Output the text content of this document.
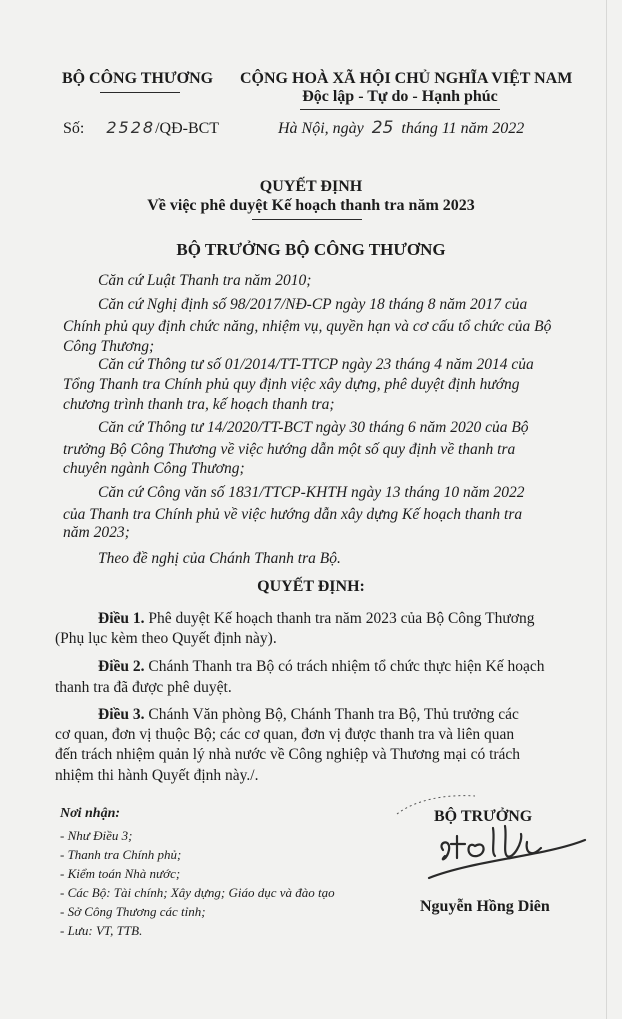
BỘ CÔNG THƯƠNG	CỘNG HOÀ XÃ HỘI CHỦ NGHĨA VIỆT NAM
Độc lập - Tự do - Hạnh phúc
Số: 2528/QĐ-BCT	Hà Nội, ngày 25 tháng 11 năm 2022
QUYẾT ĐỊNH
Về việc phê duyệt Kế hoạch thanh tra năm 2023
BỘ TRƯỞNG BỘ CÔNG THƯƠNG
Căn cứ Luật Thanh tra năm 2010;
Căn cứ Nghị định số 98/2017/NĐ-CP ngày 18 tháng 8 năm 2017 của
Chính phủ quy định chức năng, nhiệm vụ, quyền hạn và cơ cấu tổ chức của Bộ
Công Thương;
Căn cứ Thông tư số 01/2014/TT-TTCP ngày 23 tháng 4 năm 2014 của
Tổng Thanh tra Chính phủ quy định việc xây dựng, phê duyệt định hướng
chương trình thanh tra, kế hoạch thanh tra;
Căn cứ Thông tư 14/2020/TT-BCT ngày 30 tháng 6 năm 2020 của Bộ
trưởng Bộ Công Thương về việc hướng dẫn một số quy định về thanh tra
chuyên ngành Công Thương;
Căn cứ Công văn số 1831/TTCP-KHTH ngày 13 tháng 10 năm 2022
của Thanh tra Chính phủ về việc hướng dẫn xây dựng Kế hoạch thanh tra
năm 2023;
Theo đề nghị của Chánh Thanh tra Bộ.
QUYẾT ĐỊNH:
Điều 1. Phê duyệt Kế hoạch thanh tra năm 2023 của Bộ Công Thương
(Phụ lục kèm theo Quyết định này).
Điều 2. Chánh Thanh tra Bộ có trách nhiệm tổ chức thực hiện Kế hoạch
thanh tra đã được phê duyệt.
Điều 3. Chánh Văn phòng Bộ, Chánh Thanh tra Bộ, Thủ trưởng các
cơ quan, đơn vị thuộc Bộ; các cơ quan, đơn vị được thanh tra và liên quan
đến trách nhiệm quản lý nhà nước về Công nghiệp và Thương mại có trách
nhiệm thi hành Quyết định này./.
Nơi nhận:
- Như Điều 3;
- Thanh tra Chính phủ;
- Kiểm toán Nhà nước;
- Các Bộ: Tài chính; Xây dựng; Giáo dục và đào tạo
- Sở Công Thương các tỉnh;
- Lưu: VT, TTB.
BỘ TRƯỞNG
Nguyễn Hồng Diên
